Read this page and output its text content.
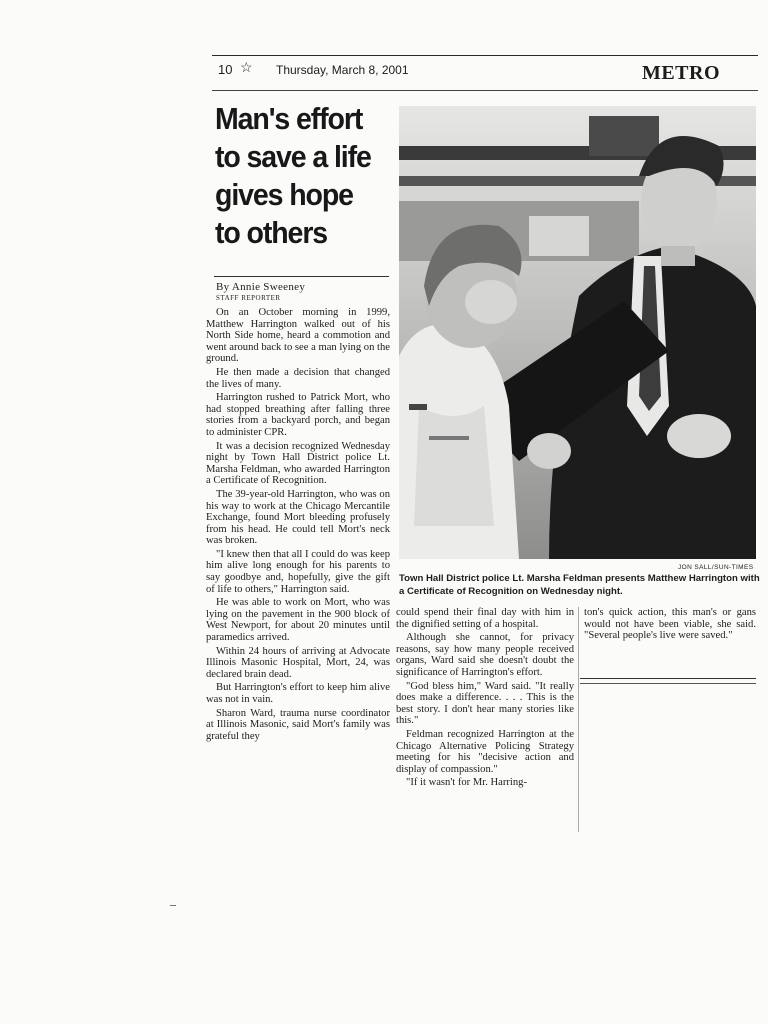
10 ☆ Thursday, March 8, 2001	METRO
Man's effort to save a life gives hope to others
By Annie Sweeney
STAFF REPORTER

On an October morning in 1999, Matthew Harrington walked out of his North Side home, heard a commotion and went around back to see a man lying on the ground.

He then made a decision that changed the lives of many.

Harrington rushed to Patrick Mort, who had stopped breathing after falling three stories from a backyard porch, and began to administer CPR.

It was a decision recognized Wednesday night by Town Hall District police Lt. Marsha Feldman, who awarded Harrington a Certificate of Recognition.

The 39-year-old Harrington, who was on his way to work at the Chicago Mercantile Exchange, found Mort bleeding profusely from his head. He could tell Mort's neck was broken.

"I knew then that all I could do was keep him alive long enough for his parents to say goodbye and, hopefully, give the gift of life to others," Harrington said.

He was able to work on Mort, who was lying on the pavement in the 900 block of West Newport, for about 20 minutes until paramedics arrived.

Within 24 hours of arriving at Advocate Illinois Masonic Hospital, Mort, 24, was declared brain dead.

But Harrington's effort to keep him alive was not in vain.

Sharon Ward, trauma nurse coordinator at Illinois Masonic, said Mort's family was grateful they

JON SALL/SUN-TIMES
Town Hall District police Lt. Marsha Feldman presents Matthew Harrington with a Certificate of Recognition on Wednesday night.

could spend their final day with him in the dignified setting of a hospital.

Although she cannot, for privacy reasons, say how many people received organs, Ward said she doesn't doubt the significance of Harrington's effort.

"God bless him," Ward said. "It really does make a difference. . . . This is the best story. I don't hear many stories like this."

Feldman recognized Harrington at the Chicago Alternative Policing Strategy meeting for his "decisive action and display of compassion."

"If it wasn't for Mr. Harring-

ton's quick action, this man's or gans would not have been viable, she said. "Several people's live were saved."
